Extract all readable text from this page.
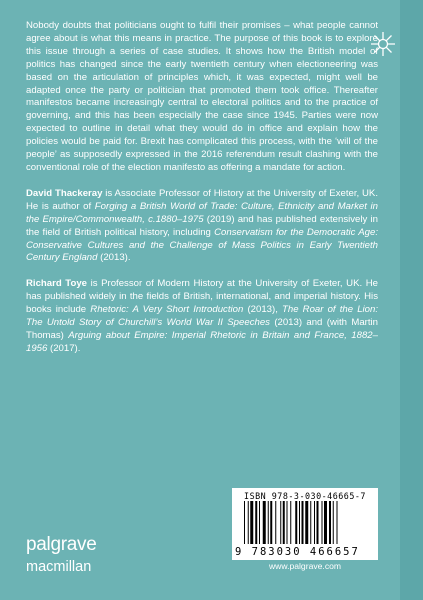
Nobody doubts that politicians ought to fulfil their promises – what people cannot agree about is what this means in practice. The purpose of this book is to explore this issue through a series of case studies. It shows how the British model of politics has changed since the early twentieth century when electioneering was based on the articulation of principles which, it was expected, might well be adapted once the party or politician that promoted them took office. Thereafter manifestos became increasingly central to electoral politics and to the practice of governing, and this has been especially the case since 1945. Parties were now expected to outline in detail what they would do in office and explain how the policies would be paid for. Brexit has complicated this process, with the ‘will of the people’ as supposedly expressed in the 2016 referendum result clashing with the conventional role of the election manifesto as offering a mandate for action.

David Thackeray is Associate Professor of History at the University of Exeter, UK. He is author of Forging a British World of Trade: Culture, Ethnicity and Market in the Empire/Commonwealth, c.1880–1975 (2019) and has published extensively in the field of British political history, including Conservatism for the Democratic Age: Conservative Cultures and the Challenge of Mass Politics in Early Twentieth Century England (2013).

Richard Toye is Professor of Modern History at the University of Exeter, UK. He has published widely in the fields of British, international, and imperial history. His books include Rhetoric: A Very Short Introduction (2013), The Roar of the Lion: The Untold Story of Churchill’s World War II Speeches (2013) and (with Martin Thomas) Arguing about Empire: Imperial Rhetoric in Britain and France, 1882–1956 (2017).

ISBN 978-3-030-46665-7
9 783030 466657
www.palgrave.com
palgrave
macmillan
